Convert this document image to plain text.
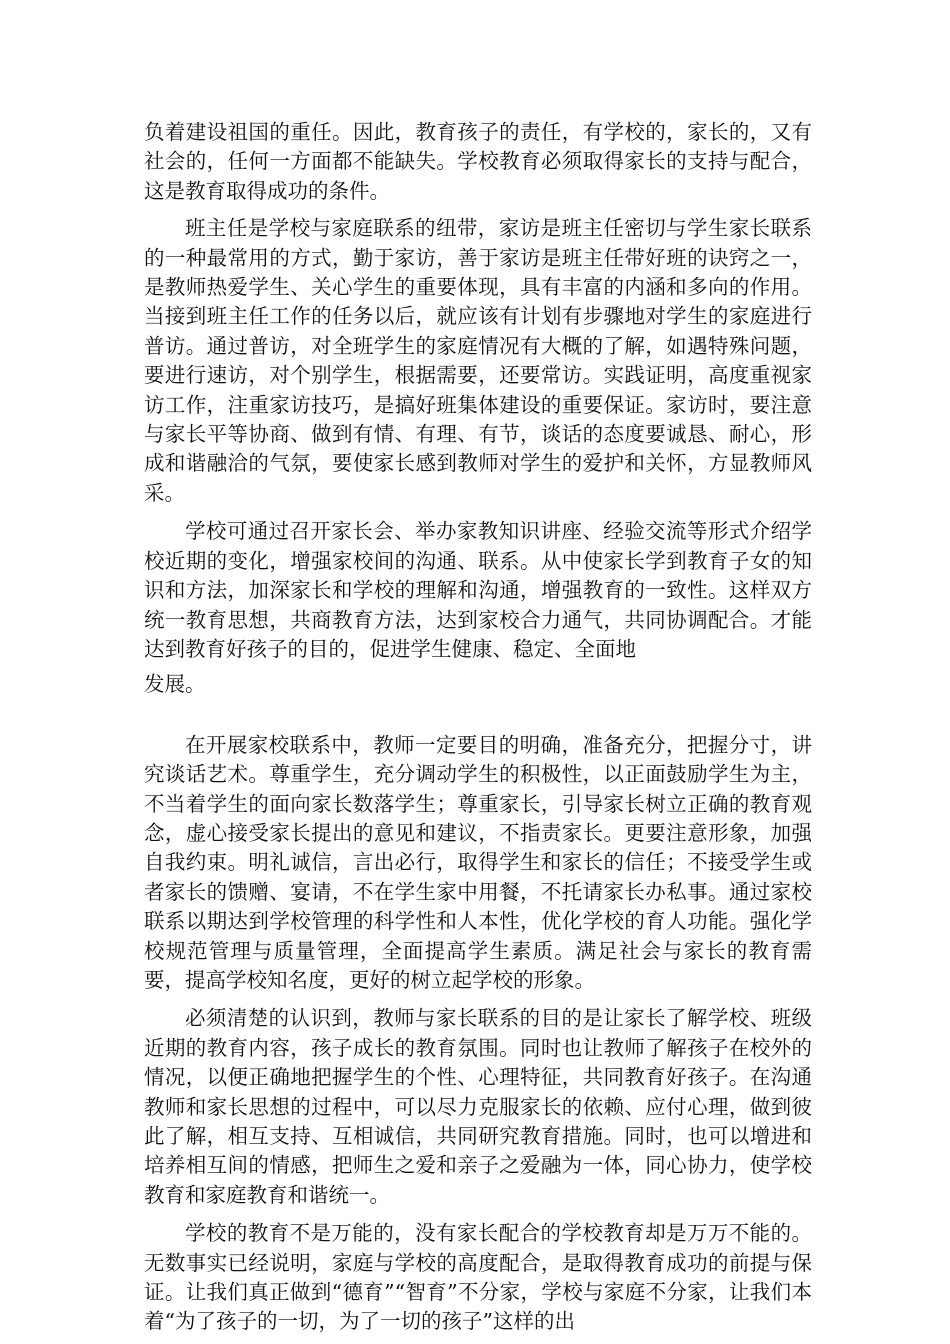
负着建设祖国的重任。因此，教育孩子的责任，有学校的，家长的，又有社会的，任何一方面都不能缺失。学校教育必须取得家长的支持与配合，这是教育取得成功的条件。

班主任是学校与家庭联系的纽带，家访是班主任密切与学生家长联系的一种最常用的方式，勤于家访，善于家访是班主任带好班的诀窍之一，是教师热爱学生、关心学生的重要体现，具有丰富的内涵和多向的作用。当接到班主任工作的任务以后，就应该有计划有步骤地对学生的家庭进行普访。通过普访，对全班学生的家庭情况有大概的了解，如遇特殊问题，要进行速访，对个别学生，根据需要，还要常访。实践证明，高度重视家访工作，注重家访技巧，是搞好班集体建设的重要保证。家访时，要注意与家长平等协商、做到有情、有理、有节，谈话的态度要诚恳、耐心，形成和谐融洽的气氛，要使家长感到教师对学生的爱护和关怀，方显教师风采。

学校可通过召开家长会、举办家教知识讲座、经验交流等形式介绍学校近期的变化，增强家校间的沟通、联系。从中使家长学到教育子女的知识和方法，加深家长和学校的理解和沟通，增强教育的一致性。这样双方统一教育思想，共商教育方法，达到家校合力通气，共同协调配合。才能达到教育好孩子的目的，促进学生健康、稳定、全面地
发展。

在开展家校联系中，教师一定要目的明确，准备充分，把握分寸，讲究谈话艺术。尊重学生，充分调动学生的积极性，以正面鼓励学生为主，不当着学生的面向家长数落学生；尊重家长，引导家长树立正确的教育观念，虚心接受家长提出的意见和建议，不指责家长。更要注意形象，加强自我约束。明礼诚信，言出必行，取得学生和家长的信任；不接受学生或者家长的馈赠、宴请，不在学生家中用餐，不托请家长办私事。通过家校联系以期达到学校管理的科学性和人本性，优化学校的育人功能。强化学校规范管理与质量管理，全面提高学生素质。满足社会与家长的教育需要，提高学校知名度，更好的树立起学校的形象。

必须清楚的认识到，教师与家长联系的目的是让家长了解学校、班级近期的教育内容，孩子成长的教育氛围。同时也让教师了解孩子在校外的情况，以便正确地把握学生的个性、心理特征，共同教育好孩子。在沟通教师和家长思想的过程中，可以尽力克服家长的依赖、应付心理，做到彼此了解，相互支持、互相诚信，共同研究教育措施。同时，也可以增进和培养相互间的情感，把师生之爱和亲子之爱融为一体，同心协力，使学校教育和家庭教育和谐统一。

学校的教育不是万能的，没有家长配合的学校教育却是万万不能的。无数事实已经说明，家庭与学校的高度配合，是取得教育成功的前提与保证。让我们真正做到“德育”“智育”不分家，学校与家庭不分家，让我们本着“为了孩子的一切，为了一切的孩子”这样的出
